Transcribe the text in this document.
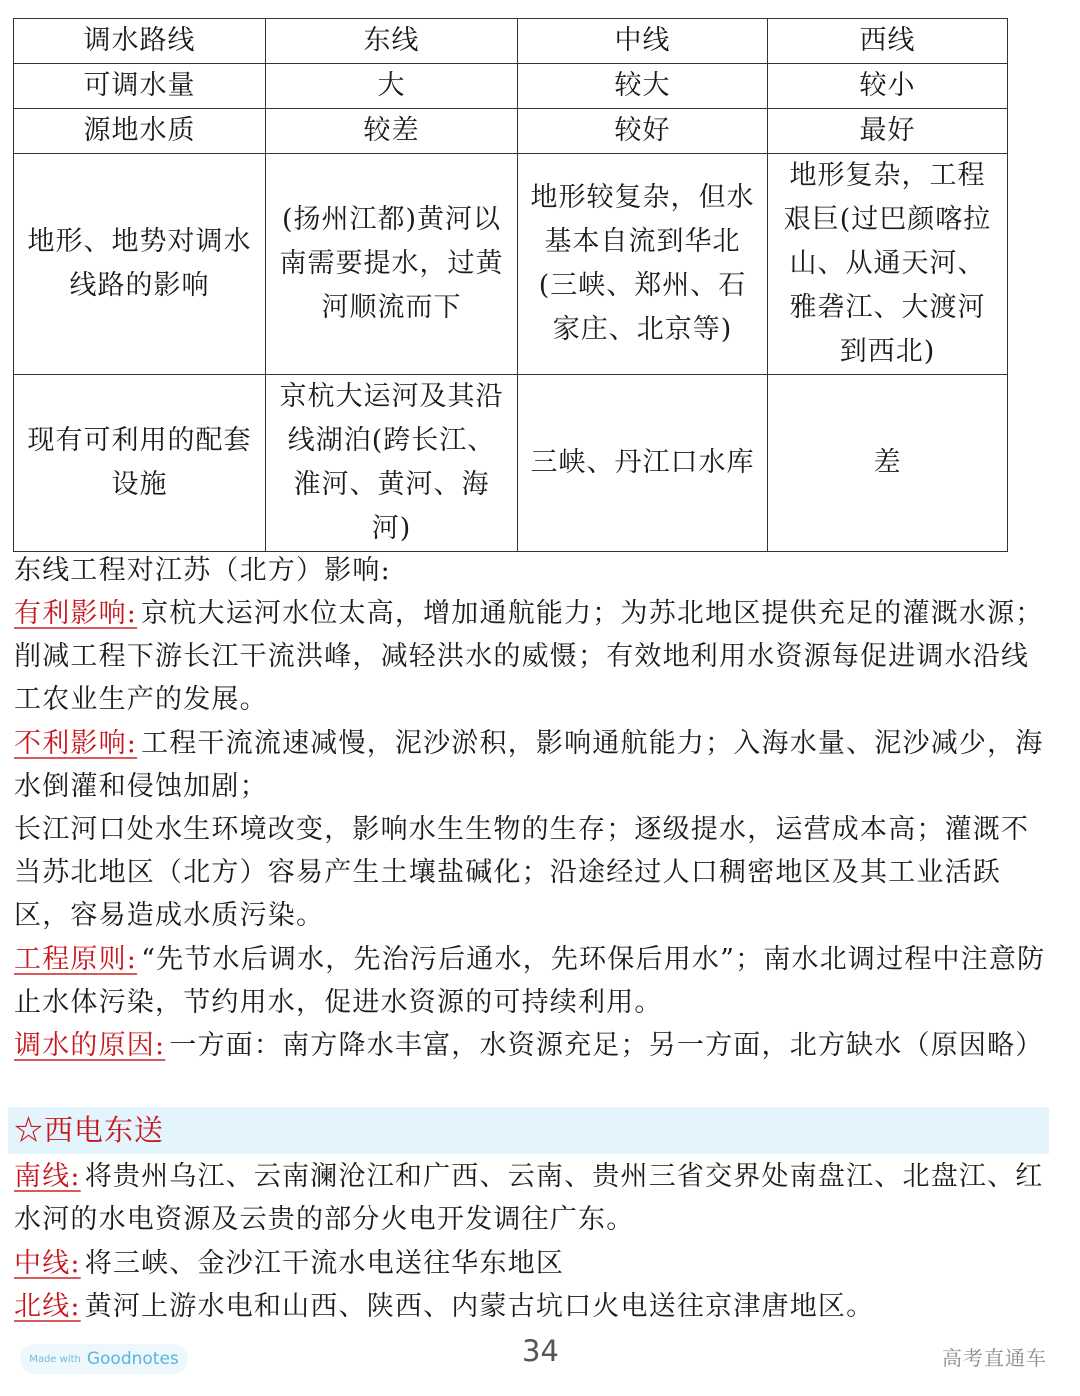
调水路线	东线	中线	西线
可调水量	大	较大	较小
源地水质	较差	较好	最好
地形、地势对调水线路的影响	(扬州江都)黄河以南需要提水，过黄河顺流而下	地形较复杂，但水基本自流到华北(三峡、郑州、石家庄、北京等)	地形复杂，工程艰巨(过巴颜喀拉山、从通天河、雅砻江、大渡河到西北)
现有可利用的配套设施	京杭大运河及其沿线湖泊(跨长江、淮河、黄河、海河)	三峡、丹江口水库	差
东线工程对江苏（北方）影响:
有利影响: 京杭大运河水位太高，增加通航能力；为苏北地区提供充足的灌溉水源；削减工程下游长江干流洪峰，减轻洪水的威慑；有效地利用水资源每促进调水沿线工农业生产的发展。
不利影响: 工程干流流速减慢，泥沙淤积，影响通航能力；入海水量、泥沙减少，海水倒灌和侵蚀加剧；
长江河口处水生环境改变，影响水生生物的生存；逐级提水，运营成本高；灌溉不当苏北地区（北方）容易产生土壤盐碱化；沿途经过人口稠密地区及其工业活跃区，容易造成水质污染。
工程原则: “先节水后调水，先治污后通水，先环保后用水”；南水北调过程中注意防止水体污染，节约用水，促进水资源的可持续利用。
调水的原因: 一方面：南方降水丰富，水资源充足；另一方面，北方缺水（原因略）
☆西电东送
南线: 将贵州乌江、云南澜沧江和广西、云南、贵州三省交界处南盘江、北盘江、红水河的水电资源及云贵的部分火电开发调往广东。
中线: 将三峡、金沙江干流水电送往华东地区
北线: 黄河上游水电和山西、陕西、内蒙古坑口火电送往京津唐地区。
Made with Goodnotes	34	高考直通车
